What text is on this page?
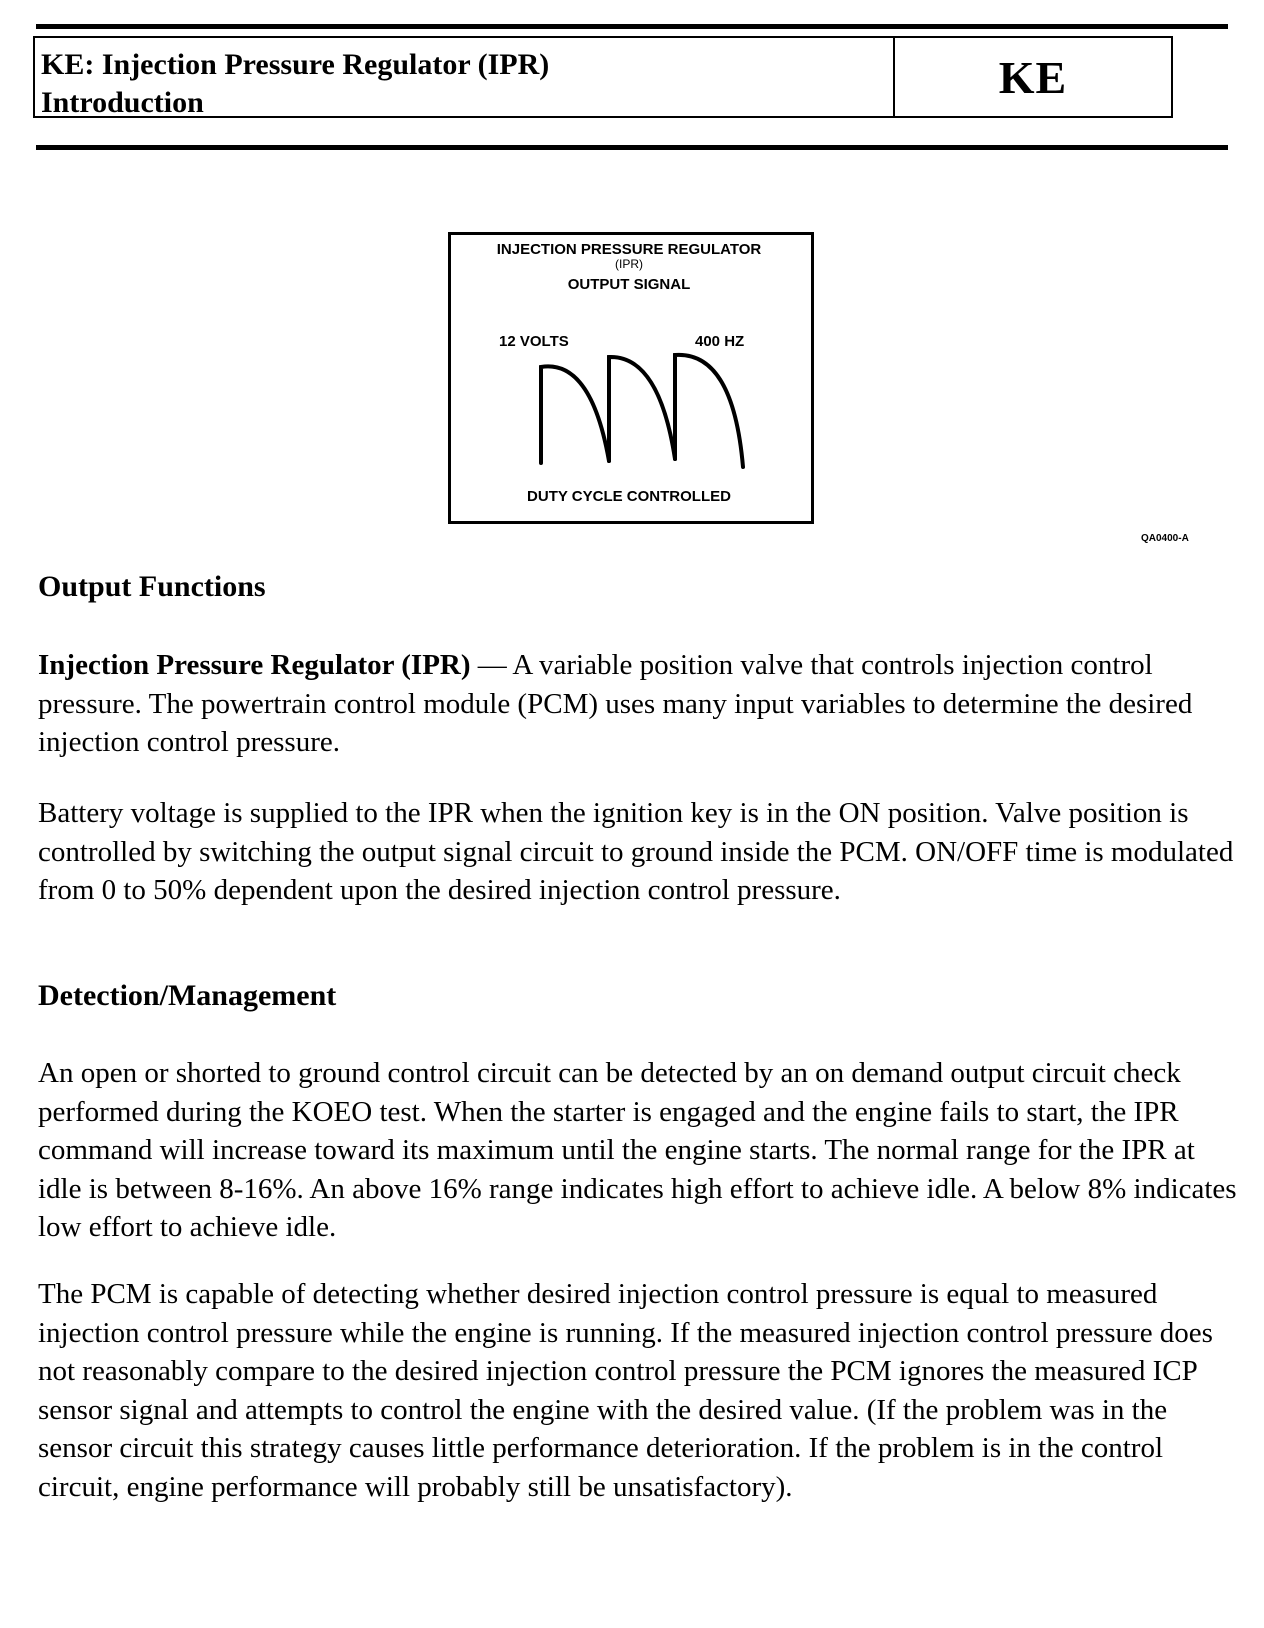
KE: Injection Pressure Regulator (IPR)
Introduction	KE
INJECTION PRESSURE REGULATOR
(IPR)
OUTPUT SIGNAL
12 VOLTS	400 HZ
DUTY CYCLE CONTROLLED
QA0400-A
Output Functions
Injection Pressure Regulator (IPR) — A variable position valve that controls injection control pressure. The powertrain control module (PCM) uses many input variables to determine the desired injection control pressure.
Battery voltage is supplied to the IPR when the ignition key is in the ON position. Valve position is controlled by switching the output signal circuit to ground inside the PCM. ON/OFF time is modulated from 0 to 50% dependent upon the desired injection control pressure.
Detection/Management
An open or shorted to ground control circuit can be detected by an on demand output circuit check performed during the KOEO test. When the starter is engaged and the engine fails to start, the IPR command will increase toward its maximum until the engine starts. The normal range for the IPR at idle is between 8-16%. An above 16% range indicates high effort to achieve idle. A below 8% indicates low effort to achieve idle.
The PCM is capable of detecting whether desired injection control pressure is equal to measured injection control pressure while the engine is running. If the measured injection control pressure does not reasonably compare to the desired injection control pressure the PCM ignores the measured ICP sensor signal and attempts to control the engine with the desired value. (If the problem was in the sensor circuit this strategy causes little performance deterioration. If the problem is in the control circuit, engine performance will probably still be unsatisfactory).
